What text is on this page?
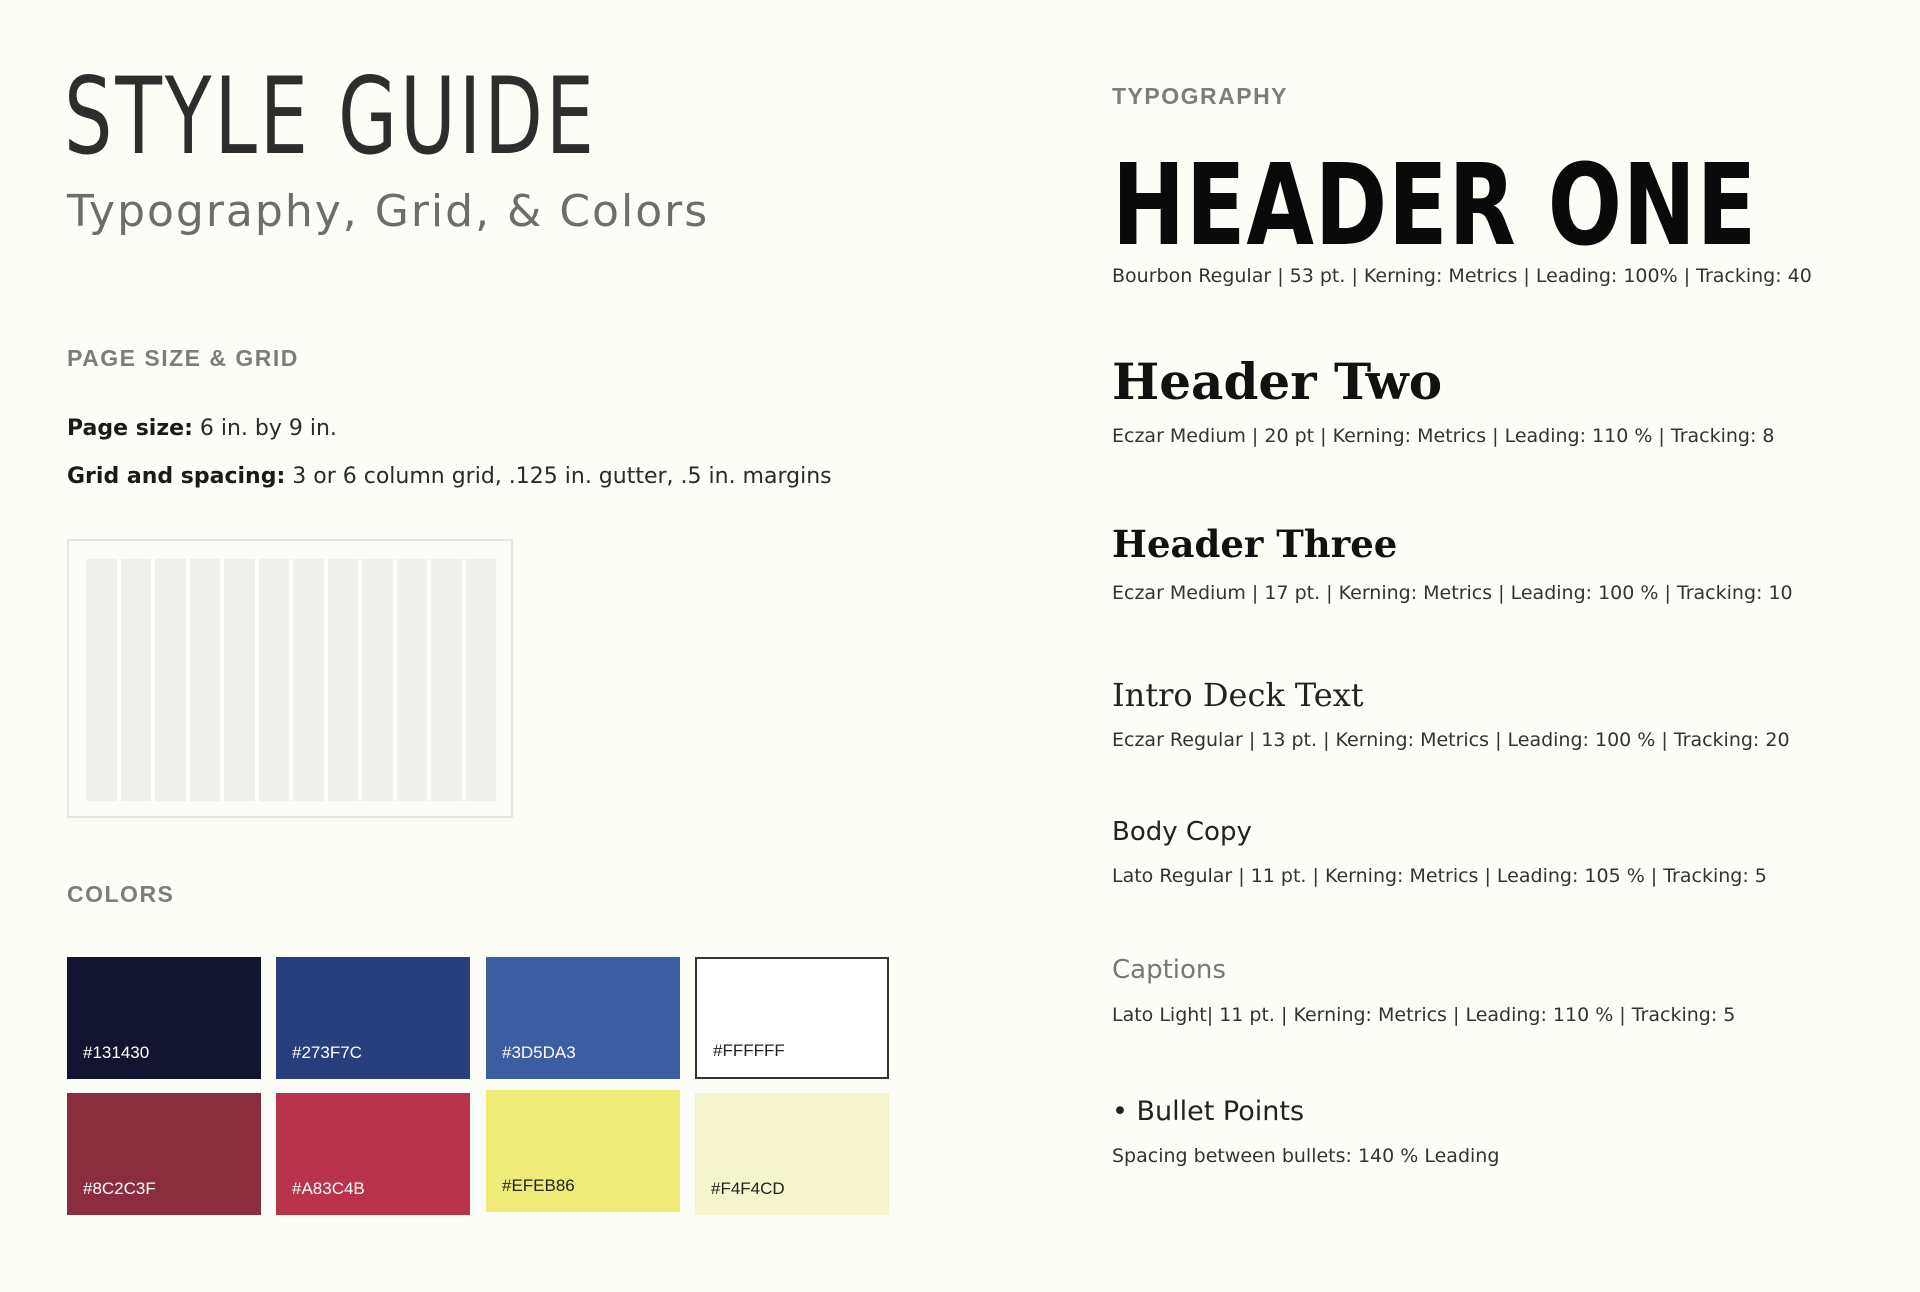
STYLE GUIDE
Typography, Grid, & Colors
PAGE SIZE & GRID
Page size: 6 in. by 9 in.
Grid and spacing: 3 or 6 column grid, .125 in. gutter, .5 in. margins
COLORS
#131430	#273F7C	#3D5DA3	#FFFFFF
#8C2C3F	#A83C4B	#EFEB86	#F4F4CD
TYPOGRAPHY
HEADER ONE
Bourbon Regular | 53 pt. | Kerning: Metrics | Leading: 100% | Tracking: 40
Header Two
Eczar Medium | 20 pt | Kerning: Metrics | Leading: 110 % | Tracking: 8
Header Three
Eczar Medium | 17 pt. | Kerning: Metrics | Leading: 100 % | Tracking: 10
Intro Deck Text
Eczar Regular | 13 pt. | Kerning: Metrics | Leading: 100 % | Tracking: 20
Body Copy
Lato Regular | 11 pt. | Kerning: Metrics | Leading: 105 % | Tracking: 5
Captions
Lato Light| 11 pt. | Kerning: Metrics | Leading: 110 % | Tracking: 5
• Bullet Points
Spacing between bullets: 140 % Leading
